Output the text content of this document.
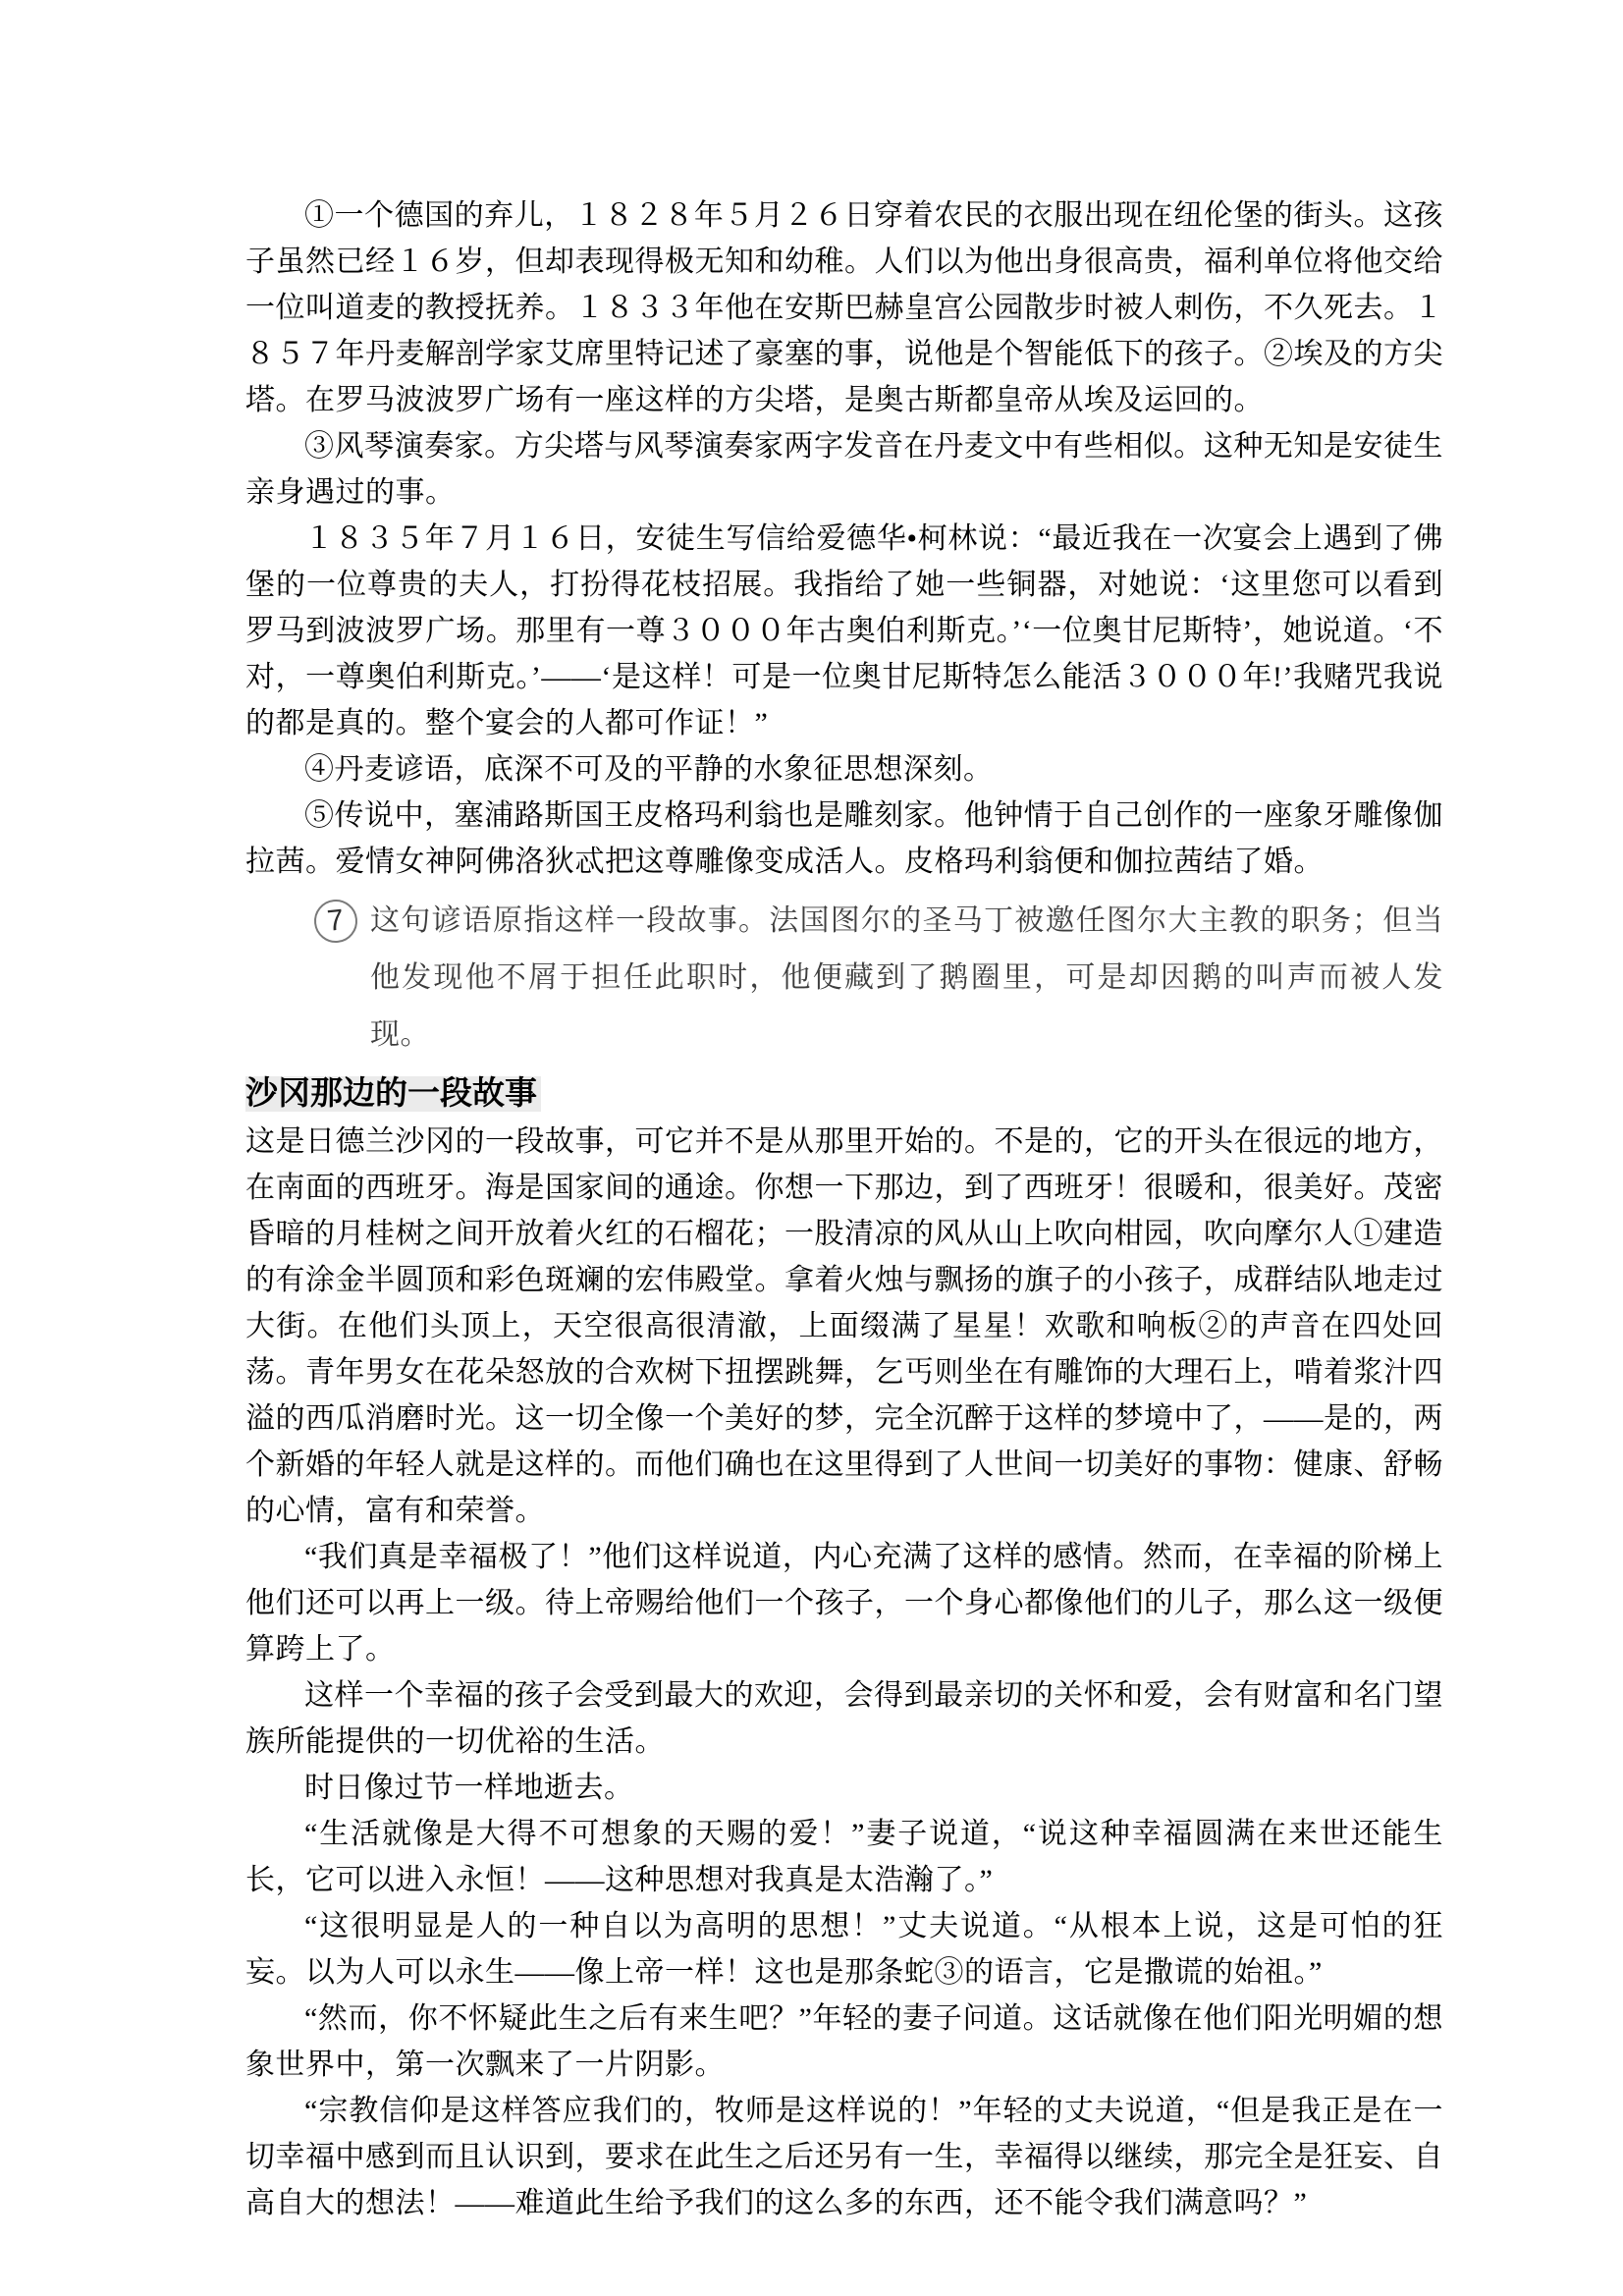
①一个德国的弃儿，１８２８年５月２６日穿着农民的衣服出现在纽伦堡的街头。这孩子虽然已经１６岁，但却表现得极无知和幼稚。人们以为他出身很高贵，福利单位将他交给一位叫道麦的教授抚养。１８３３年他在安斯巴赫皇宫公园散步时被人刺伤，不久死去。１８５７年丹麦解剖学家艾席里特记述了豪塞的事，说他是个智能低下的孩子。②埃及的方尖塔。在罗马波波罗广场有一座这样的方尖塔，是奥古斯都皇帝从埃及运回的。

③风琴演奏家。方尖塔与风琴演奏家两字发音在丹麦文中有些相似。这种无知是安徒生亲身遇过的事。

１８３５年７月１６日，安徒生写信给爱德华•柯林说：“最近我在一次宴会上遇到了佛堡的一位尊贵的夫人，打扮得花枝招展。我指给了她一些铜器，对她说：‘这里您可以看到罗马到波波罗广场。那里有一尊３０００年古奥伯利斯克。’‘一位奥甘尼斯特’，她说道。‘不对，一尊奥伯利斯克。’——‘是这样！可是一位奥甘尼斯特怎么能活３０００年!’我赌咒我说的都是真的。整个宴会的人都可作证！”

④丹麦谚语，底深不可及的平静的水象征思想深刻。

⑤传说中，塞浦路斯国王皮格玛利翁也是雕刻家。他钟情于自己创作的一座象牙雕像伽拉茜。爱情女神阿佛洛狄忒把这尊雕像变成活人。皮格玛利翁便和伽拉茜结了婚。

7 这句谚语原指这样一段故事。法国图尔的圣马丁被邀任图尔大主教的职务；但当他发现他不屑于担任此职时，他便藏到了鹅圈里，可是却因鹅的叫声而被人发现。

沙冈那边的一段故事

这是日德兰沙冈的一段故事，可它并不是从那里开始的。不是的，它的开头在很远的地方，在南面的西班牙。海是国家间的通途。你想一下那边，到了西班牙！很暖和，很美好。茂密昏暗的月桂树之间开放着火红的石榴花；一股清凉的风从山上吹向柑园，吹向摩尔人①建造的有涂金半圆顶和彩色斑斓的宏伟殿堂。拿着火烛与飘扬的旗子的小孩子，成群结队地走过大街。在他们头顶上，天空很高很清澈，上面缀满了星星！欢歌和响板②的声音在四处回荡。青年男女在花朵怒放的合欢树下扭摆跳舞，乞丐则坐在有雕饰的大理石上，啃着浆汁四溢的西瓜消磨时光。这一切全像一个美好的梦，完全沉醉于这样的梦境中了，——是的，两个新婚的年轻人就是这样的。而他们确也在这里得到了人世间一切美好的事物：健康、舒畅的心情，富有和荣誉。

“我们真是幸福极了！”他们这样说道，内心充满了这样的感情。然而，在幸福的阶梯上他们还可以再上一级。待上帝赐给他们一个孩子，一个身心都像他们的儿子，那么这一级便算跨上了。

这样一个幸福的孩子会受到最大的欢迎，会得到最亲切的关怀和爱，会有财富和名门望族所能提供的一切优裕的生活。

时日像过节一样地逝去。

“生活就像是大得不可想象的天赐的爱！”妻子说道，“说这种幸福圆满在来世还能生长，它可以进入永恒！——这种思想对我真是太浩瀚了。”

“这很明显是人的一种自以为高明的思想！”丈夫说道。“从根本上说，这是可怕的狂妄。以为人可以永生——像上帝一样！这也是那条蛇③的语言，它是撒谎的始祖。”

“然而，你不怀疑此生之后有来生吧？”年轻的妻子问道。这话就像在他们阳光明媚的想象世界中，第一次飘来了一片阴影。

“宗教信仰是这样答应我们的，牧师是这样说的！”年轻的丈夫说道，“但是我正是在一切幸福中感到而且认识到，要求在此生之后还另有一生，幸福得以继续，那完全是狂妄、自高自大的想法！——难道此生给予我们的这么多的东西，还不能令我们满意吗？”
